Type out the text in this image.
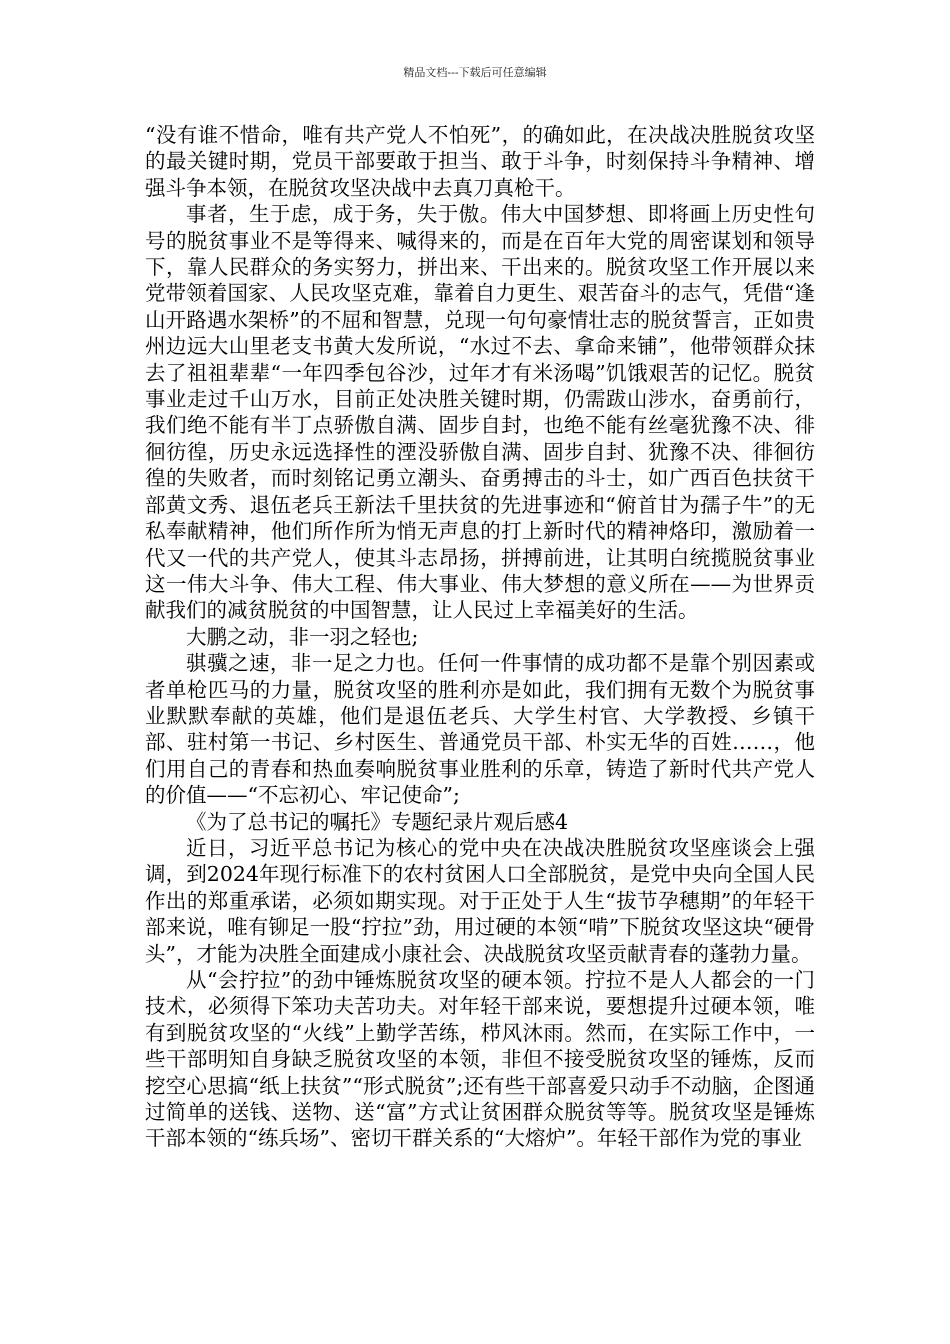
精品文档---下载后可任意编辑

“没有谁不惜命，唯有共产党人不怕死”，的确如此，在决战决胜脱贫攻坚的最关键时期，党员干部要敢于担当、敢于斗争，时刻保持斗争精神、增强斗争本领，在脱贫攻坚决战中去真刀真枪干。

事者，生于虑，成于务，失于傲。伟大中国梦想、即将画上历史性句号的脱贫事业不是等得来、喊得来的，而是在百年大党的周密谋划和领导下，靠人民群众的务实努力，拼出来、干出来的。脱贫攻坚工作开展以来党带领着国家、人民攻坚克难，靠着自力更生、艰苦奋斗的志气，凭借“逢山开路遇水架桥”的不屈和智慧，兑现一句句豪情壮志的脱贫誓言，正如贵州边远大山里老支书黄大发所说，“水过不去、拿命来铺”，他带领群众抹去了祖祖辈辈“一年四季包谷沙，过年才有米汤喝”饥饿艰苦的记忆。脱贫事业走过千山万水，目前正处决胜关键时期，仍需跋山涉水，奋勇前行，我们绝不能有半丁点骄傲自满、固步自封，也绝不能有丝毫犹豫不决、徘徊彷徨，历史永远选择性的湮没骄傲自满、固步自封、犹豫不决、徘徊彷徨的失败者，而时刻铭记勇立潮头、奋勇搏击的斗士，如广西百色扶贫干部黄文秀、退伍老兵王新法千里扶贫的先进事迹和“俯首甘为孺子牛”的无私奉献精神，他们所作所为悄无声息的打上新时代的精神烙印，激励着一代又一代的共产党人，使其斗志昂扬，拼搏前进，让其明白统揽脱贫事业这一伟大斗争、伟大工程、伟大事业、伟大梦想的意义所在——为世界贡献我们的减贫脱贫的中国智慧，让人民过上幸福美好的生活。

大鹏之动，非一羽之轻也;

骐骥之速，非一足之力也。任何一件事情的成功都不是靠个别因素或者单枪匹马的力量，脱贫攻坚的胜利亦是如此，我们拥有无数个为脱贫事业默默奉献的英雄，他们是退伍老兵、大学生村官、大学教授、乡镇干部、驻村第一书记、乡村医生、普通党员干部、朴实无华的百姓……，他们用自己的青春和热血奏响脱贫事业胜利的乐章，铸造了新时代共产党人的价值——“不忘初心、牢记使命”;

《为了总书记的嘱托》专题纪录片观后感4

近日，习近平总书记为核心的党中央在决战决胜脱贫攻坚座谈会上强调，到2024年现行标准下的农村贫困人口全部脱贫，是党中央向全国人民作出的郑重承诺，必须如期实现。对于正处于人生“拔节孕穗期”的年轻干部来说，唯有铆足一股“拧拉”劲，用过硬的本领“啃”下脱贫攻坚这块“硬骨头”，才能为决胜全面建成小康社会、决战脱贫攻坚贡献青春的蓬勃力量。

从“会拧拉”的劲中锤炼脱贫攻坚的硬本领。拧拉不是人人都会的一门技术，必须得下笨功夫苦功夫。对年轻干部来说，要想提升过硬本领，唯有到脱贫攻坚的“火线”上勤学苦练，栉风沐雨。然而，在实际工作中，一些干部明知自身缺乏脱贫攻坚的本领，非但不接受脱贫攻坚的锤炼，反而挖空心思搞“纸上扶贫”“形式脱贫”;还有些干部喜爱只动手不动脑，企图通过简单的送钱、送物、送“富”方式让贫困群众脱贫等等。脱贫攻坚是锤炼干部本领的“练兵场”、密切干群关系的“大熔炉”。年轻干部作为党的事业
